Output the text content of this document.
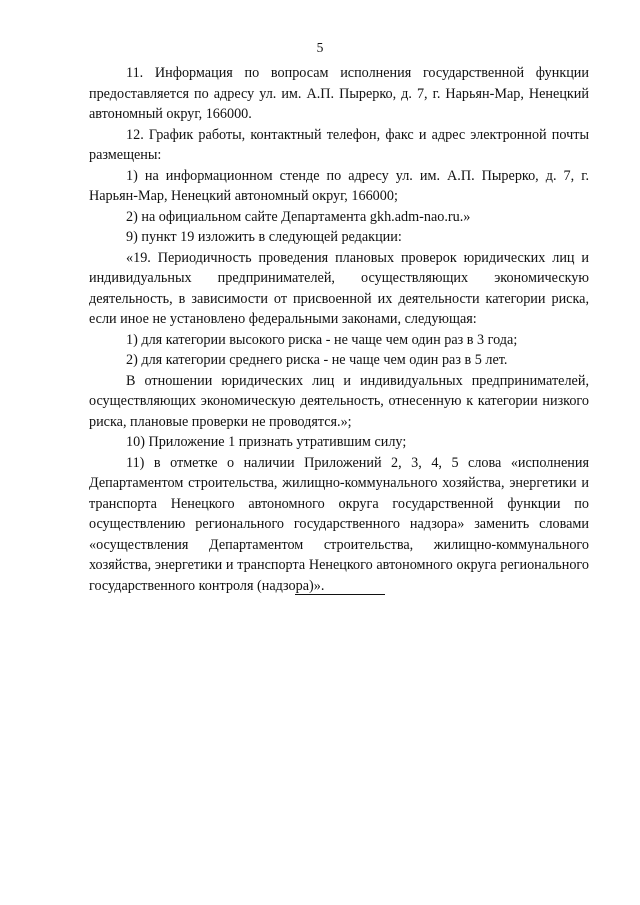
5

11. Информация по вопросам исполнения государственной функции предоставляется по адресу ул. им. А.П. Пырерко, д. 7, г. Нарьян-Мар, Ненецкий автономный округ, 166000.

12. График работы, контактный телефон, факс и адрес электронной почты размещены:

1) на информационном стенде по адресу ул. им. А.П. Пырерко, д. 7, г. Нарьян-Мар, Ненецкий автономный округ, 166000;

2) на официальном сайте Департамента gkh.adm-nao.ru.»

9) пункт 19 изложить в следующей редакции:

«19. Периодичность проведения плановых проверок юридических лиц и индивидуальных предпринимателей, осуществляющих экономическую деятельность, в зависимости от присвоенной их деятельности категории риска, если иное не установлено федеральными законами, следующая:

1) для категории высокого риска - не чаще чем один раз в 3 года;

2) для категории среднего риска - не чаще чем один раз в 5 лет.

В отношении юридических лиц и индивидуальных предпринимателей, осуществляющих экономическую деятельность, отнесенную к категории низкого риска, плановые проверки не проводятся.»;

10) Приложение 1 признать утратившим силу;

11) в отметке о наличии Приложений 2, 3, 4, 5 слова «исполнения Департаментом строительства, жилищно-коммунального хозяйства, энергетики и транспорта Ненецкого автономного округа государственной функции по осуществлению регионального государственного надзора» заменить словами «осуществления Департаментом строительства, жилищно-коммунального хозяйства, энергетики и транспорта Ненецкого автономного округа регионального государственного контроля (надзора)».
